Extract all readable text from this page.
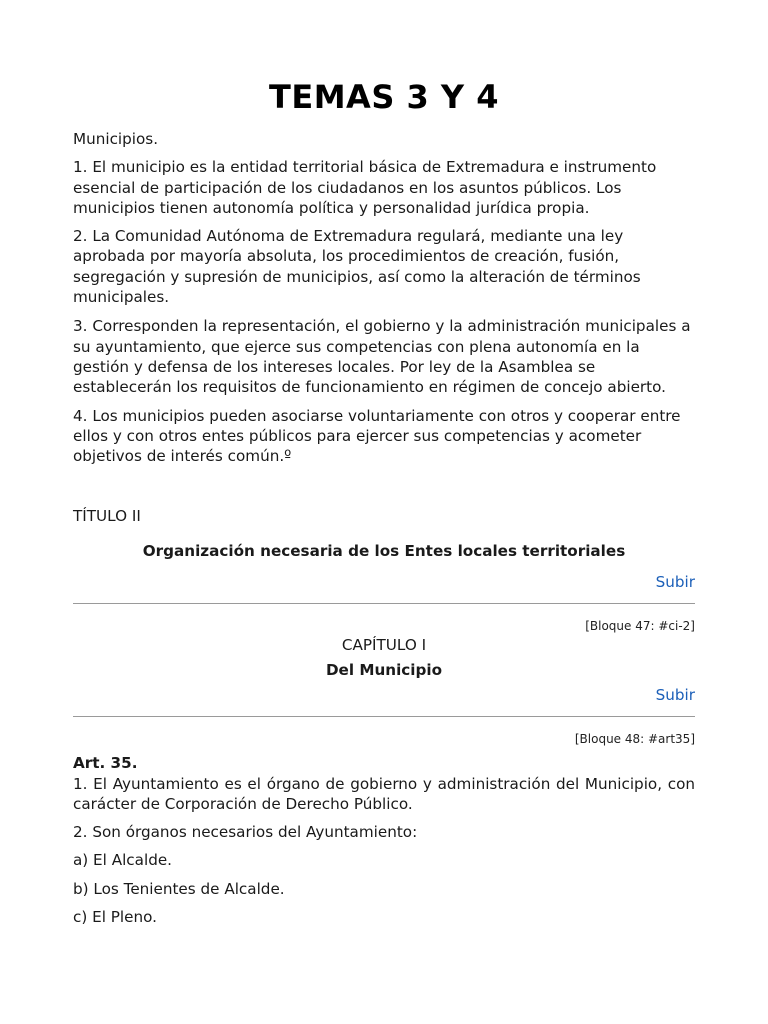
TEMAS 3 Y 4

Municipios.

1. El municipio es la entidad territorial básica de Extremadura e instrumento esencial de participación de los ciudadanos en los asuntos públicos. Los municipios tienen autonomía política y personalidad jurídica propia.

2. La Comunidad Autónoma de Extremadura regulará, mediante una ley aprobada por mayoría absoluta, los procedimientos de creación, fusión, segregación y supresión de municipios, así como la alteración de términos municipales.

3. Corresponden la representación, el gobierno y la administración municipales a su ayuntamiento, que ejerce sus competencias con plena autonomía en la gestión y defensa de los intereses locales. Por ley de la Asamblea se establecerán los requisitos de funcionamiento en régimen de concejo abierto.

4. Los municipios pueden asociarse voluntariamente con otros y cooperar entre ellos y con otros entes públicos para ejercer sus competencias y acometer objetivos de interés común.º

TÍTULO II

Organización necesaria de los Entes locales territoriales

Subir

[Bloque 47: #ci-2]

CAPÍTULO I

Del Municipio

Subir

[Bloque 48: #art35]

Art. 35.

1. El Ayuntamiento es el órgano de gobierno y administración del Municipio, con carácter de Corporación de Derecho Público.

2. Son órganos necesarios del Ayuntamiento:

a) El Alcalde.

b) Los Tenientes de Alcalde.

c) El Pleno.
